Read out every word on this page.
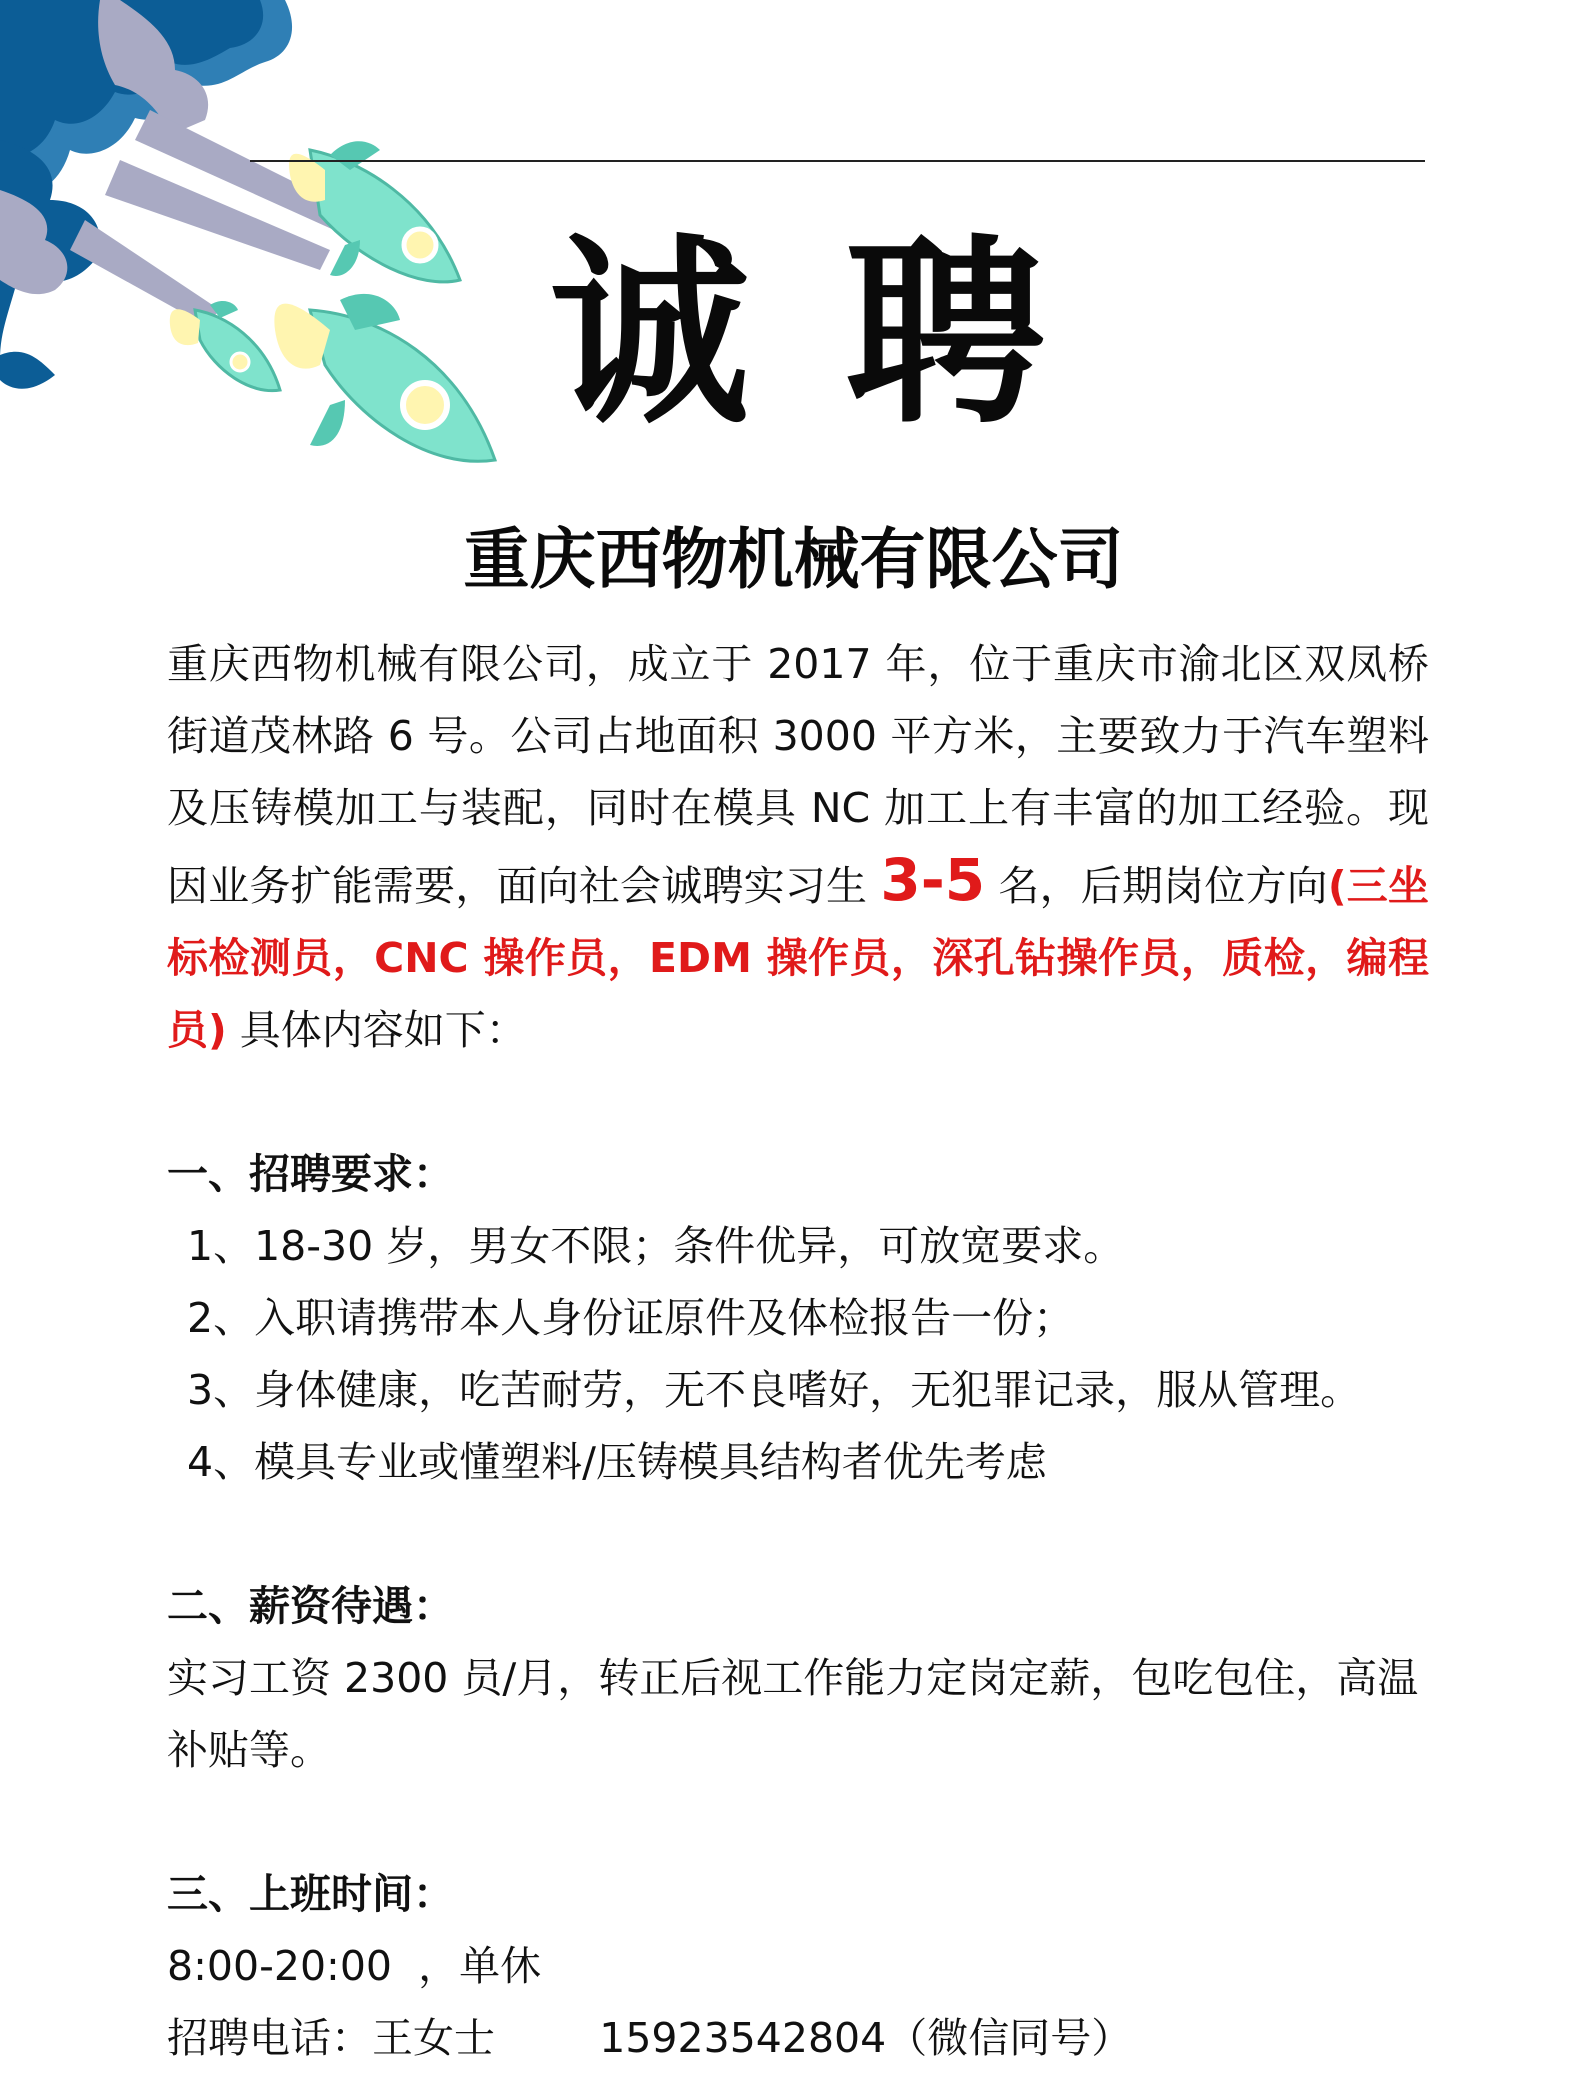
诚聘
重庆西物机械有限公司

重庆西物机械有限公司，成立于 2017 年，位于重庆市渝北区双凤桥街道茂林路 6 号。公司占地面积 3000 平方米，主要致力于汽车塑料及压铸模加工与装配，同时在模具 NC 加工上有丰富的加工经验。现因业务扩能需要，面向社会诚聘实习生 3-5 名，后期岗位方向(三坐标检测员，CNC 操作员，EDM 操作员，深孔钻操作员，质检，编程员) 具体内容如下：

一、招聘要求：

1、18-30 岁，男女不限；条件优异，可放宽要求。
2、入职请携带本人身份证原件及体检报告一份；
3、身体健康，吃苦耐劳，无不良嗜好，无犯罪记录，服从管理。
4、模具专业或懂塑料/压铸模具结构者优先考虑

二、薪资待遇：

实习工资 2300 员/月，转正后视工作能力定岗定薪，包吃包住，高温补贴等。

三、上班时间：

8:00-20:00  ，单休

招聘电话：王女士	15923542804（微信同号）
